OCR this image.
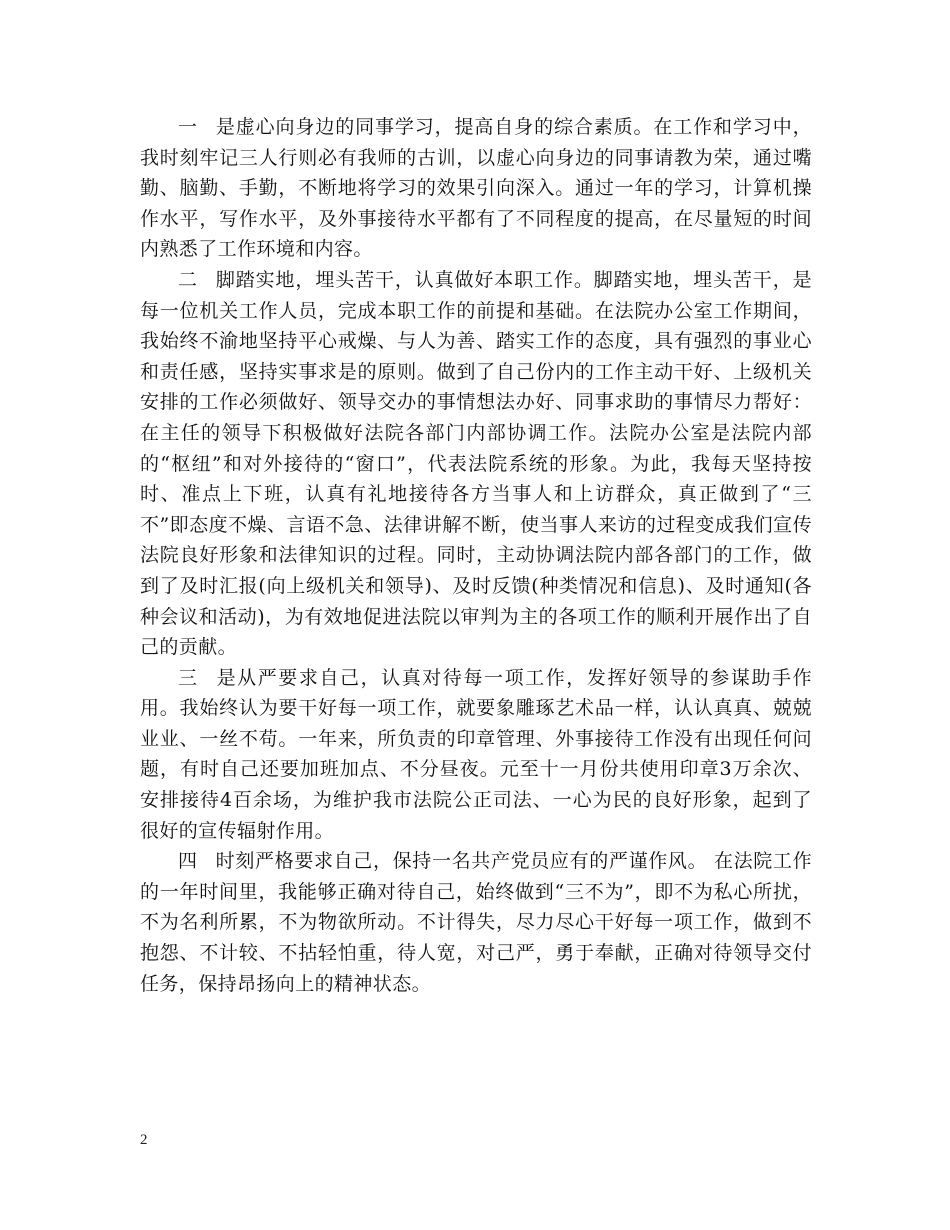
一 是虚心向身边的同事学习，提高自身的综合素质。在工作和学习中，我时刻牢记三人行则必有我师的古训，以虚心向身边的同事请教为荣，通过嘴勤、脑勤、手勤，不断地将学习的效果引向深入。通过一年的学习，计算机操作水平，写作水平，及外事接待水平都有了不同程度的提高，在尽量短的时间内熟悉了工作环境和内容。

二 脚踏实地，埋头苦干，认真做好本职工作。脚踏实地，埋头苦干，是每一位机关工作人员，完成本职工作的前提和基础。在法院办公室工作期间，我始终不渝地坚持平心戒燥、与人为善、踏实工作的态度，具有强烈的事业心和责任感，坚持实事求是的原则。做到了自己份内的工作主动干好、上级机关安排的工作必须做好、领导交办的事情想法办好、同事求助的事情尽力帮好：在主任的领导下积极做好法院各部门内部协调工作。法院办公室是法院内部的“枢纽”和对外接待的“窗口”，代表法院系统的形象。为此，我每天坚持按时、准点上下班，认真有礼地接待各方当事人和上访群众，真正做到了“三不”即态度不燥、言语不急、法律讲解不断，使当事人来访的过程变成我们宣传法院良好形象和法律知识的过程。同时，主动协调法院内部各部门的工作，做到了及时汇报(向上级机关和领导)、及时反馈(种类情况和信息)、及时通知(各种会议和活动)，为有效地促进法院以审判为主的各项工作的顺利开展作出了自己的贡献。

三 是从严要求自己，认真对待每一项工作，发挥好领导的参谋助手作用。我始终认为要干好每一项工作，就要象雕琢艺术品一样，认认真真、兢兢业业、一丝不苟。一年来，所负责的印章管理、外事接待工作没有出现任何问题，有时自己还要加班加点、不分昼夜。元至十一月份共使用印章3万余次、安排接待4百余场，为维护我市法院公正司法、一心为民的良好形象，起到了很好的宣传辐射作用。

四 时刻严格要求自己，保持一名共产党员应有的严谨作风。 在法院工作的一年时间里，我能够正确对待自己，始终做到“三不为”，即不为私心所扰，不为名利所累，不为物欲所动。不计得失，尽力尽心干好每一项工作，做到不抱怨、不计较、不拈轻怕重，待人宽，对己严，勇于奉献，正确对待领导交付任务，保持昂扬向上的精神状态。

2
